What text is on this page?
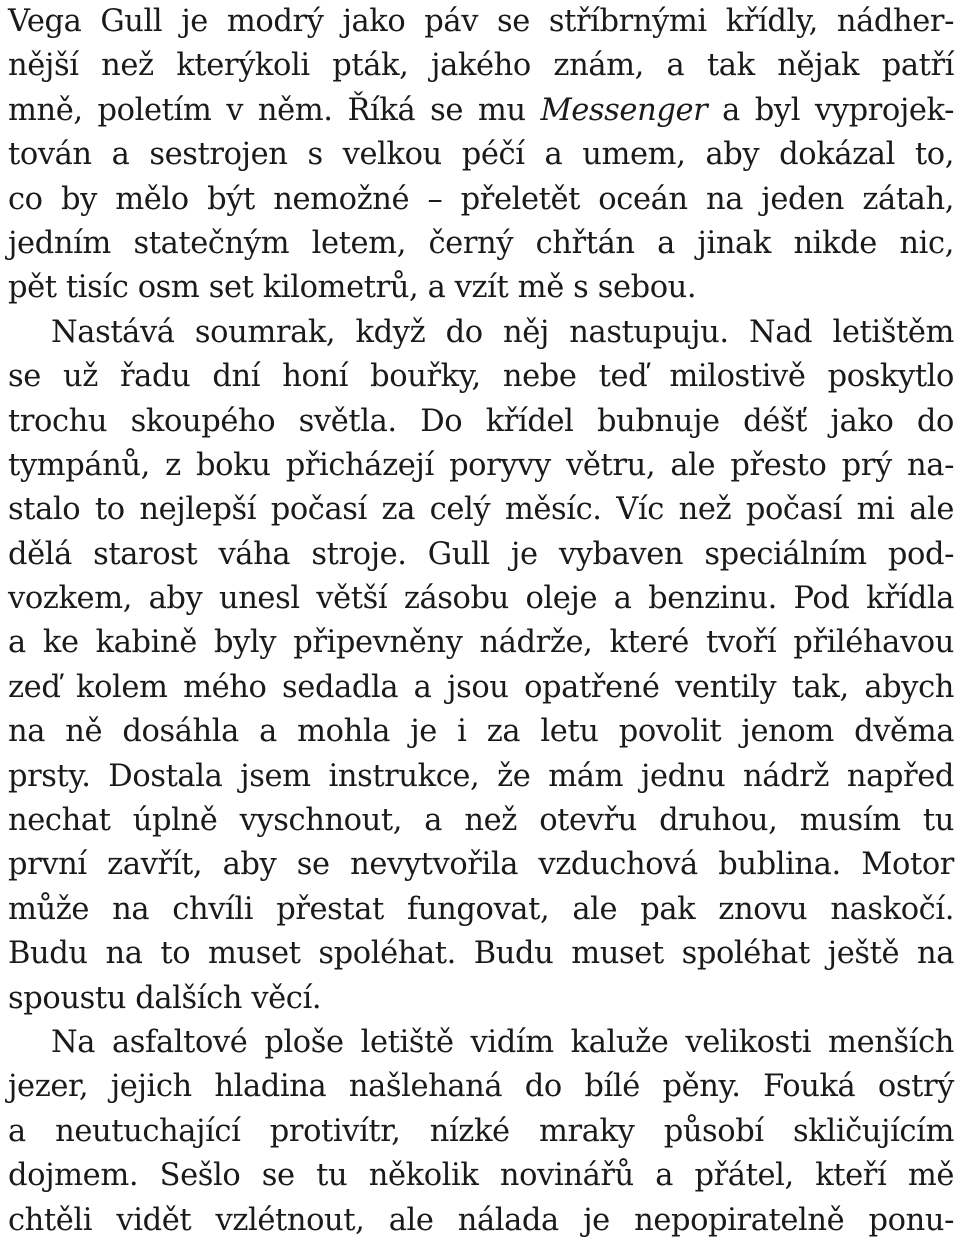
Vega Gull je modrý jako páv se stříbrnými křídly, nádher-
nější než kterýkoli pták, jakého znám, a tak nějak patří
mně, poletím v něm. Říká se mu Messenger a byl vyprojek-
tován a sestrojen s velkou péčí a umem, aby dokázal to,
co by mělo být nemožné – přeletět oceán na jeden zátah,
jedním statečným letem, černý chřtán a jinak nikde nic,
pět tisíc osm set kilometrů, a vzít mě s sebou.
Nastává soumrak, když do něj nastupuju. Nad letištěm
se už řadu dní honí bouřky, nebe teď milostivě poskytlo
trochu skoupého světla. Do křídel bubnuje déšť jako do
tympánů, z boku přicházejí poryvy větru, ale přesto prý na-
stalo to nejlepší počasí za celý měsíc. Víc než počasí mi ale
dělá starost váha stroje. Gull je vybaven speciálním pod-
vozkem, aby unesl větší zásobu oleje a benzinu. Pod křídla
a ke kabině byly připevněny nádrže, které tvoří přiléhavou
zeď kolem mého sedadla a jsou opatřené ventily tak, abych
na ně dosáhla a mohla je i za letu povolit jenom dvěma
prsty. Dostala jsem instrukce, že mám jednu nádrž napřed
nechat úplně vyschnout, a než otevřu druhou, musím tu
první zavřít, aby se nevytvořila vzduchová bublina. Motor
může na chvíli přestat fungovat, ale pak znovu naskočí.
Budu na to muset spoléhat. Budu muset spoléhat ještě na
spoustu dalších věcí.
Na asfaltové ploše letiště vidím kaluže velikosti menších
jezer, jejich hladina našlehaná do bílé pěny. Fouká ostrý
a neutuchající protivítr, nízké mraky působí skličujícím
dojmem. Sešlo se tu několik novinářů a přátel, kteří mě
chtěli vidět vzlétnout, ale nálada je nepopiratelně ponu-
